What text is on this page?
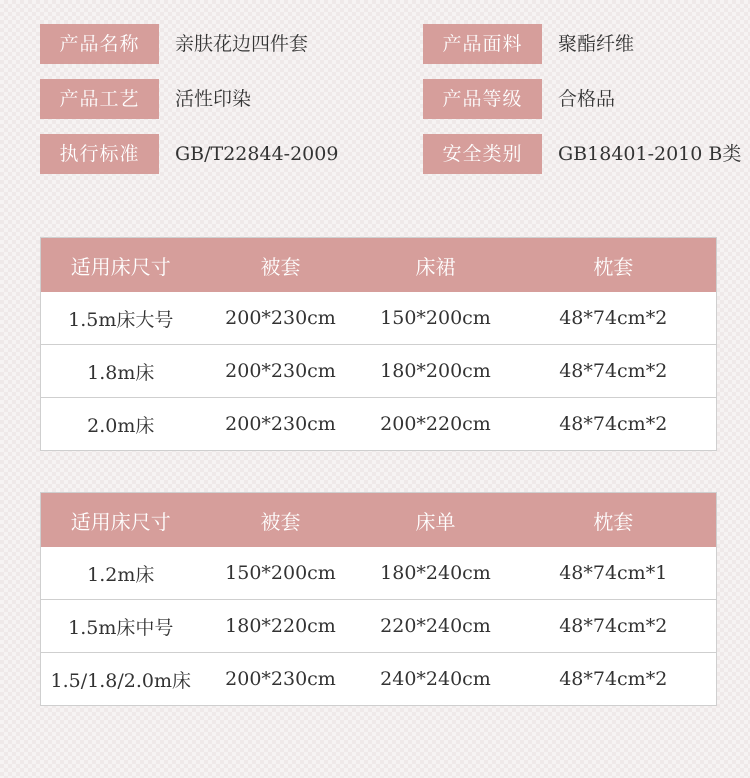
产品名称	亲肤花边四件套	产品面料	聚酯纤维
产品工艺	活性印染	产品等级	合格品
执行标准	GB/T22844-2009	安全类别	GB18401-2010 B类
适用床尺寸	被套	床裙	枕套
1.5m床大号	200*230cm	150*200cm	48*74cm*2
1.8m床	200*230cm	180*200cm	48*74cm*2
2.0m床	200*230cm	200*220cm	48*74cm*2
适用床尺寸	被套	床单	枕套
1.2m床	150*200cm	180*240cm	48*74cm*1
1.5m床中号	180*220cm	220*240cm	48*74cm*2
1.5/1.8/2.0m床	200*230cm	240*240cm	48*74cm*2
